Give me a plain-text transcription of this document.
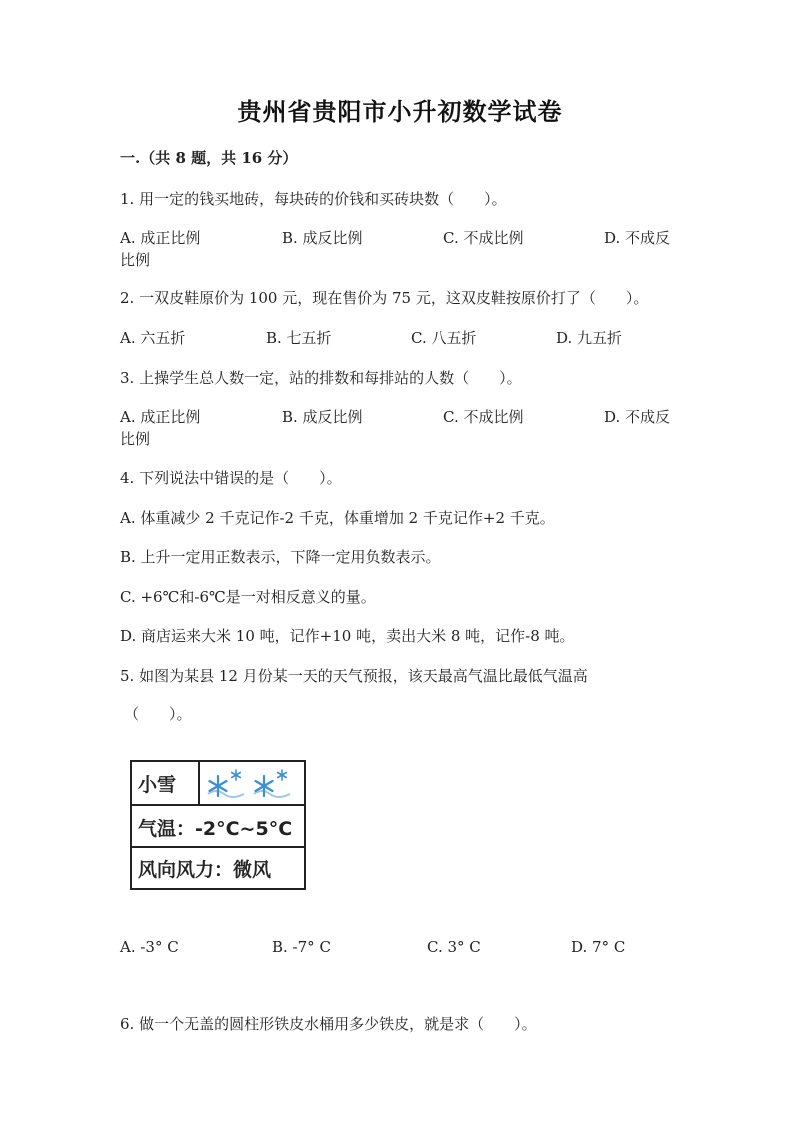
贵州省贵阳市小升初数学试卷
一.（共 8 题，共 16 分）
1. 用一定的钱买地砖，每块砖的价钱和买砖块数（　　）。
A. 成正比例	B. 成反比例	C. 不成比例	D. 不成反
比例
2. 一双皮鞋原价为 100 元，现在售价为 75 元，这双皮鞋按原价打了（　　）。
A. 六五折	B. 七五折	C. 八五折	D. 九五折
3. 上操学生总人数一定，站的排数和每排站的人数（　　）。
A. 成正比例	B. 成反比例	C. 不成比例	D. 不成反
比例
4. 下列说法中错误的是（　　）。
A. 体重减少 2 千克记作-2 千克，体重增加 2 千克记作+2 千克。
B. 上升一定用正数表示，下降一定用负数表示。
C. +6℃和-6℃是一对相反意义的量。
D. 商店运来大米 10 吨，记作+10 吨，卖出大米 8 吨，记作-8 吨。
5. 如图为某县 12 月份某一天的天气预报，该天最高气温比最低气温高
（　　）。
小雪
气温：-2°C~5°C
风向风力：微风
A. -3° C	B. -7° C	C. 3° C	D. 7° C
6. 做一个无盖的圆柱形铁皮水桶用多少铁皮，就是求（　　）。
